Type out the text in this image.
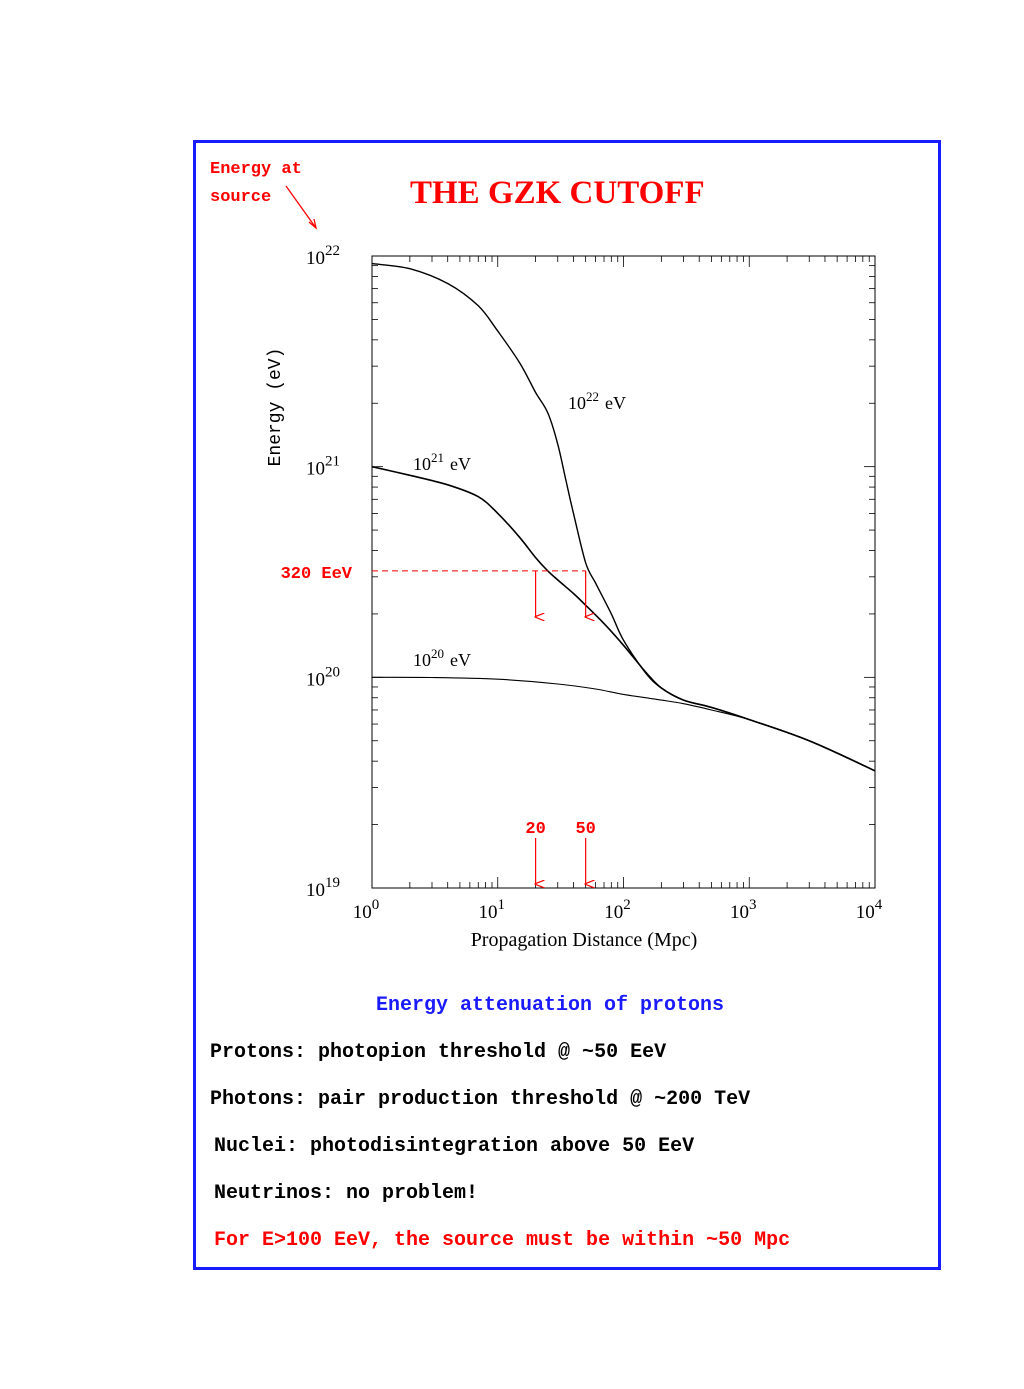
Energy at
source	THE GZK CUTOFF
$10^{22}$ eV
$10^{21}$ eV
$10^{20}$ eV
$10^0$	$10^1$	$10^2$	$10^3$	$10^4$
$10^{19}$
$10^{20}$
$10^{21}$
$10^{22}$
Propagation Distance (Mpc)
Energy (eV)
320 EeV
20 50
Energy attenuation of protons
Protons: photopion threshold @ ~50 EeV
Photons: pair production threshold @ ~200 TeV
Nuclei: photodisintegration above 50 EeV
Neutrinos: no problem!
For E>100 EeV, the source must be within ~50 Mpc
